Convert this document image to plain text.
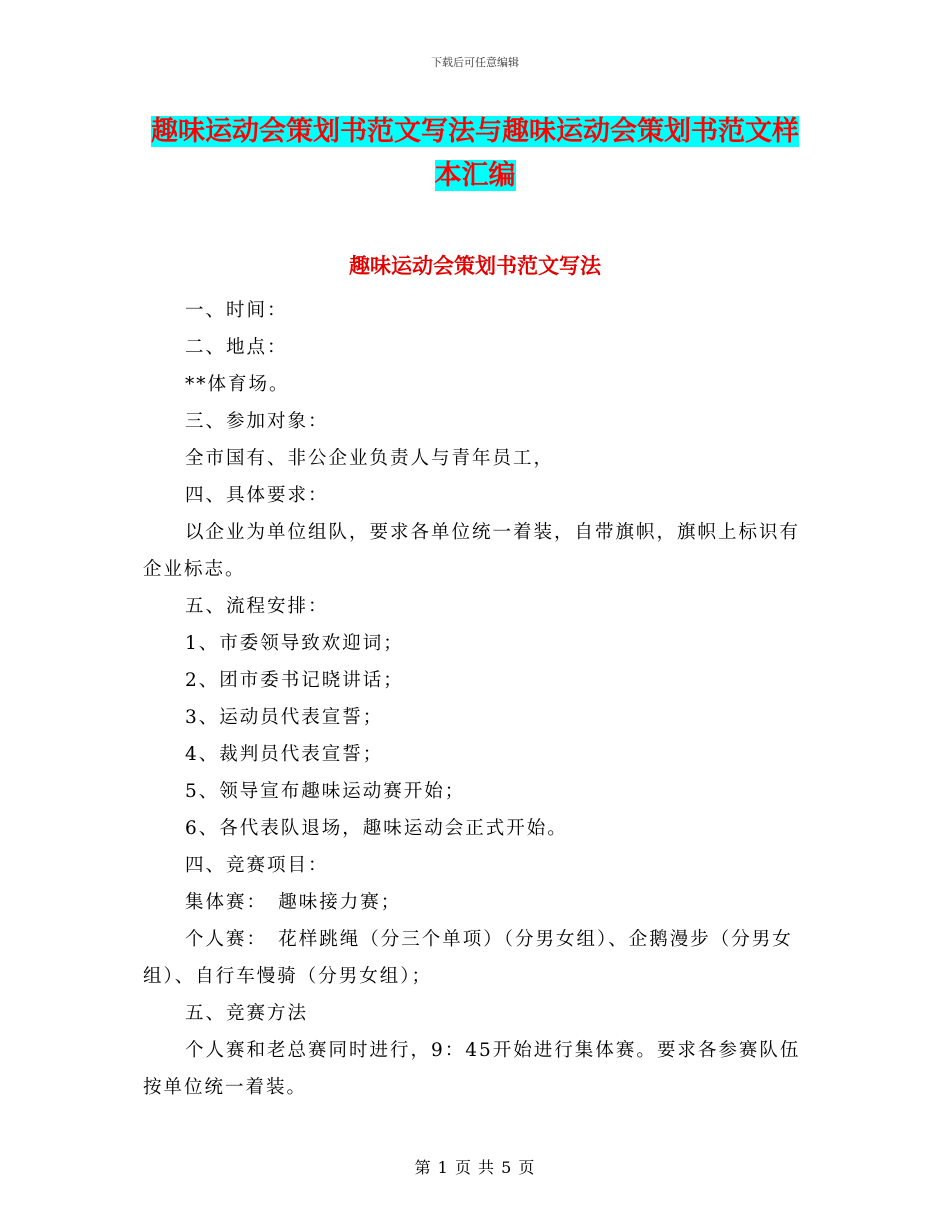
下载后可任意编辑
趣味运动会策划书范文写法与趣味运动会策划书范文样本汇编
趣味运动会策划书范文写法

一、时间：

二、地点：

**体育场。

三、参加对象：

全市国有、非公企业负责人与青年员工，

四、具体要求：

以企业为单位组队，要求各单位统一着装，自带旗帜，旗帜上标识有企业标志。

五、流程安排：

1、市委领导致欢迎词；

2、团市委书记晓讲话；

3、运动员代表宣誓；

4、裁判员代表宣誓；

5、领导宣布趣味运动赛开始；

6、各代表队退场，趣味运动会正式开始。

四、竞赛项目：

集体赛：　趣味接力赛；

个人赛：　花样跳绳（分三个单项）（分男女组）、企鹅漫步（分男女组）、自行车慢骑（分男女组）；

五、竞赛方法

个人赛和老总赛同时进行，9：45开始进行集体赛。要求各参赛队伍按单位统一着装。

第 1 页 共 5 页
